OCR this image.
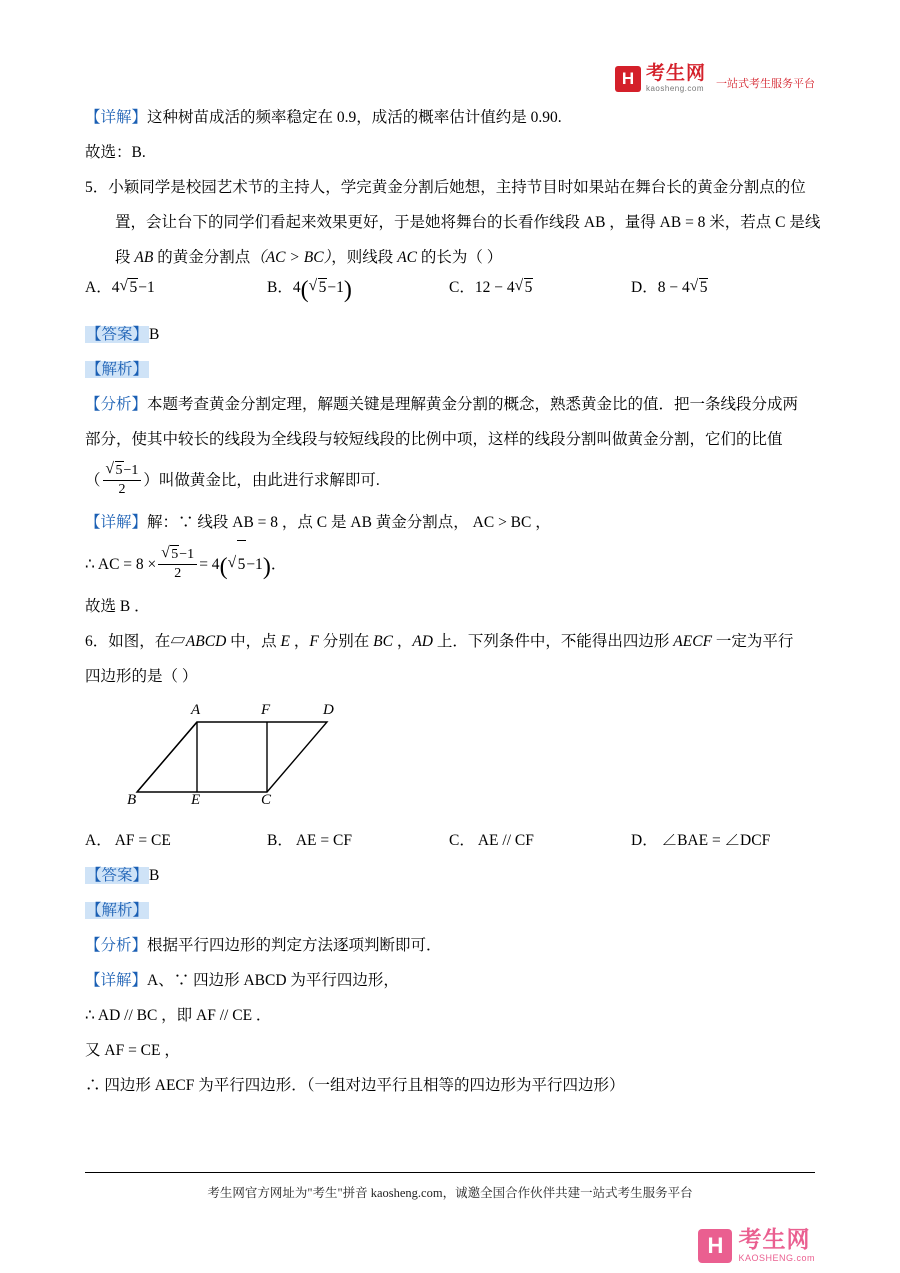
H 考生网
kaosheng.com 一站式考生服务平台
【详解】这种树苗成活的频率稳定在 0.9，成活的概率估计值约是 0.90.
故选：B.
5．小颖同学是校园艺术节的主持人，学完黄金分割后她想，主持节目时如果站在舞台长的黄金分割点的位
置，会让台下的同学们看起来效果更好，于是她将舞台的长看作线段 AB ，量得 AB = 8 米，若点 C 是线
段 AB 的黄金分割点（AC > BC），则线段 AC 的长为（ ）
A．4 √ 5−1	B．4( √ 5−1)	C．12 − 4 √ 5	D．8 − 4 √ 5
【答案】B
【解析】
【分析】本题考查黄金分割定理，解题关键是理解黄金分割的概念，熟悉黄金比的值．把一条线段分成两
部分，使其中较长的线段为全线段与较短线段的比例中项，这样的线段分割叫做黄金分割，它们的比值
（ √ $\frac{5-1}{2}$ ）叫做黄金比，由此进行求解即可.
【详解】解：∵ 线段 AB = 8 ，点 C 是 AB 黄金分割点， AC > BC ，
∴ AC = 8 × √ $\frac{5-1}{2} = 4$( √ 5−1)．
故选 B ．
6．如图，在▱ABCD 中，点 E ，F 分别在 BC ，AD 上．下列条件中，不能 ..得出四边形 AECF 一定为平行
四边形的是（ ）
A	F	D
B	E	C
A． AF = CE	B． AE = CF	C． AE // CF	D． ∠BAE = ∠DCF
【答案】B
【解析】
【分析】根据平行四边形的判定方法逐项判断即可．
【详解】A、∵ 四边形 ABCD 为平行四边形，
∴ AD // BC ，即 AF // CE ．
又 AF = CE ，
∴ 四边形 AECF 为平行四边形．（一组对边平行且相等的四边形为平行四边形）
考生网官方网址为"考生"拼音 kaosheng.com，诚邀全国合作伙伴共建一站式考生服务平台
H 考生网
KAOSHENG.com
